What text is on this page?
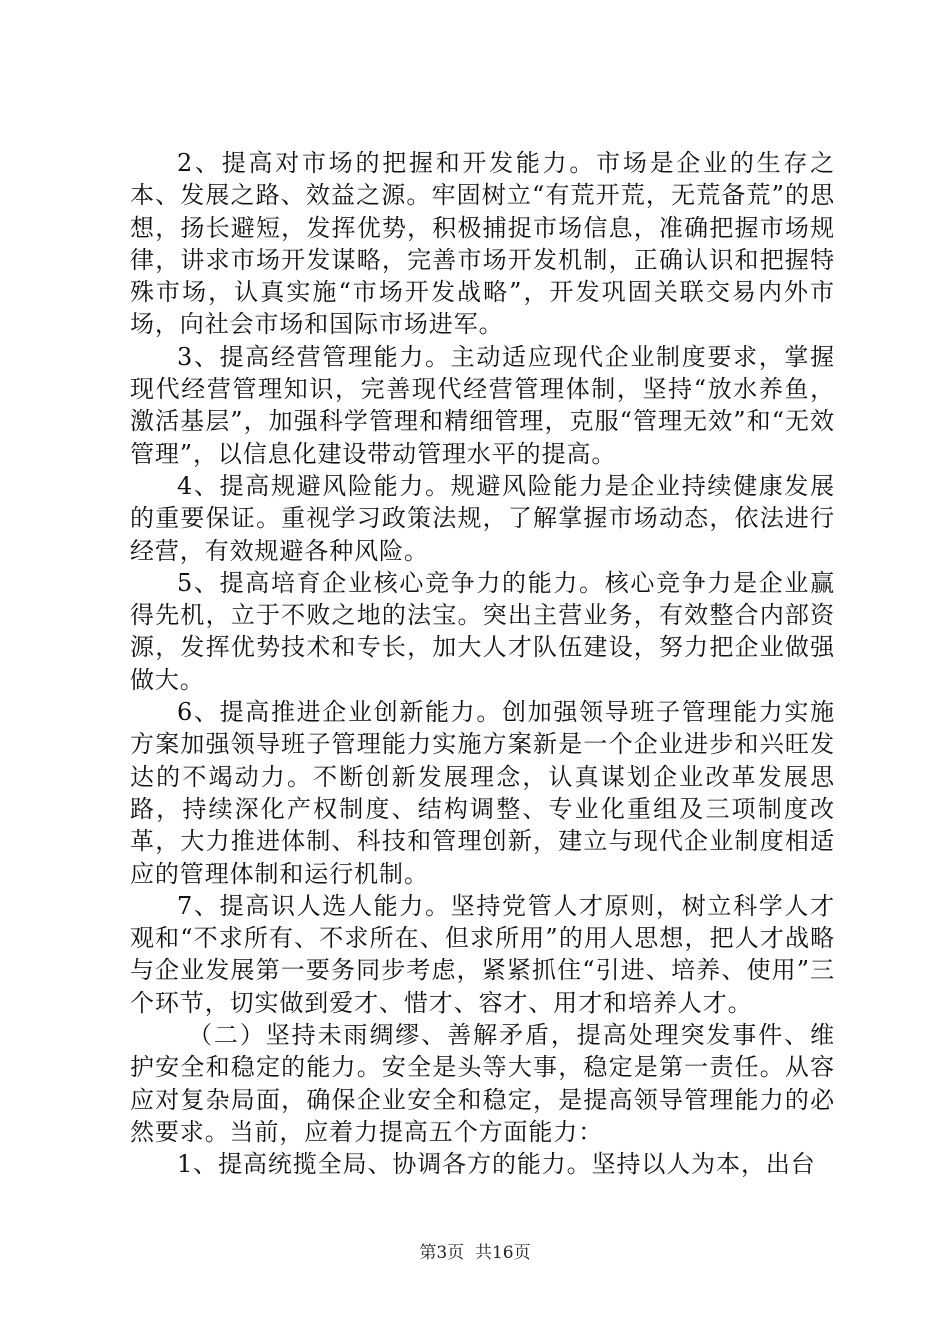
2、提高对市场的把握和开发能力。市场是企业的生存之本、发展之路、效益之源。牢固树立“有荒开荒，无荒备荒”的思想，扬长避短，发挥优势，积极捕捉市场信息，准确把握市场规律，讲求市场开发谋略，完善市场开发机制，正确认识和把握特殊市场，认真实施“市场开发战略”，开发巩固关联交易内外市场，向社会市场和国际市场进军。

3、提高经营管理能力。主动适应现代企业制度要求，掌握现代经营管理知识，完善现代经营管理体制，坚持“放水养鱼，激活基层”，加强科学管理和精细管理，克服“管理无效”和“无效管理”，以信息化建设带动管理水平的提高。

4、提高规避风险能力。规避风险能力是企业持续健康发展的重要保证。重视学习政策法规，了解掌握市场动态，依法进行经营，有效规避各种风险。

5、提高培育企业核心竞争力的能力。核心竞争力是企业赢得先机，立于不败之地的法宝。突出主营业务，有效整合内部资源，发挥优势技术和专长，加大人才队伍建设，努力把企业做强做大。

6、提高推进企业创新能力。创加强领导班子管理能力实施方案加强领导班子管理能力实施方案新是一个企业进步和兴旺发达的不竭动力。不断创新发展理念，认真谋划企业改革发展思路，持续深化产权制度、结构调整、专业化重组及三项制度改革，大力推进体制、科技和管理创新，建立与现代企业制度相适应的管理体制和运行机制。

7、提高识人选人能力。坚持党管人才原则，树立科学人才观和“不求所有、不求所在、但求所用”的用人思想，把人才战略与企业发展第一要务同步考虑，紧紧抓住“引进、培养、使用”三个环节，切实做到爱才、惜才、容才、用才和培养人才。

（二）坚持未雨绸缪、善解矛盾，提高处理突发事件、维护安全和稳定的能力。安全是头等大事，稳定是第一责任。从容应对复杂局面，确保企业安全和稳定，是提高领导管理能力的必然要求。当前，应着力提高五个方面能力：

1、提高统揽全局、协调各方的能力。坚持以人为本，出台

第3页  共16页
